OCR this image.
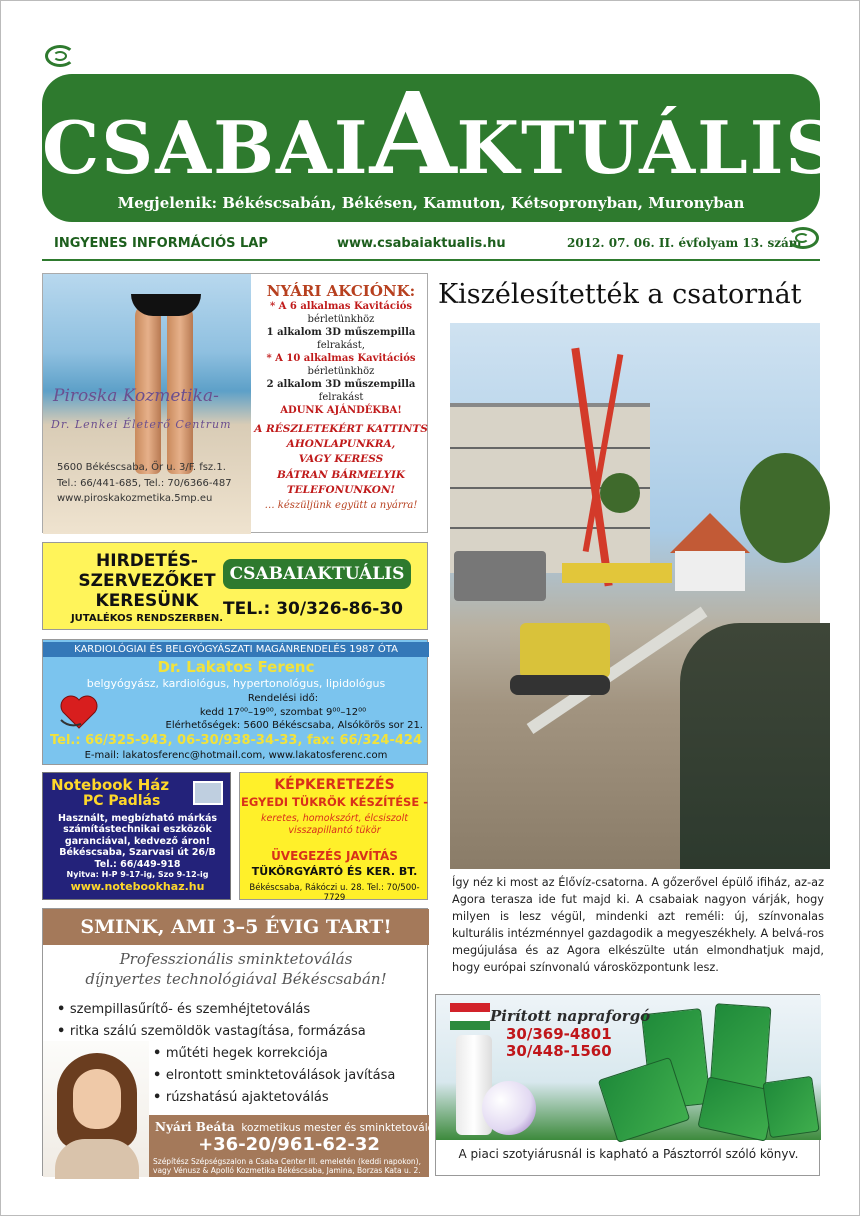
CSABAIAKTUÁLIS
Megjelenik: Békéscsabán, Békésen, Kamuton, Kétsopronyban, Muronyban
INGYENES INFORMÁCIÓS LAP	www.csabaiaktualis.hu	2012. 07. 06. II. évfolyam 13. szám
Piroska Kozmetika-
Dr. Lenkei Életerő Centrum
5600 Békéscsaba, Őr u. 3/F. fsz.1.
Tel.: 66/441-685, Tel.: 70/6366-487
www.piroskakozmetika.5mp.eu
NYÁRI AKCIÓNK:
* A 6 alkalmas Kavitációs
bérletünkhöz
1 alkalom 3D műszempilla
felrakást,
* A 10 alkalmas Kavitációs
bérletünkhöz
2 alkalom 3D műszempilla
felrakást
ADUNK AJÁNDÉKBA!
A RÉSZLETEKÉRT KATTINTS
AHONLAPUNKRA,
VAGY KERESS
BÁTRAN BÁRMELYIK
TELEFONUNKON!
… készüljünk együtt a nyárra!
HIRDETÉS-
SZERVEZŐKET
KERESÜNK
JUTALÉKOS RENDSZERBEN.
CSABAIAKTUÁLIS
TEL.: 30/326-86-30
KARDIOLÓGIAI ÉS BELGYÓGYÁSZATI MAGÁNRENDELÉS 1987 ÓTA
Dr. Lakatos Ferenc
belgyógyász, kardiológus, hypertonológus, lipidológus
Rendelési idő:
kedd 17⁰⁰–19⁰⁰, szombat 9⁰⁰–12⁰⁰
Elérhetőségek: 5600 Békéscsaba, Alsókörös sor 21.
Tel.: 66/325-943, 06-30/938-34-33, fax: 66/324-424
E-mail: lakatosferenc@hotmail.com, www.lakatosferenc.com
Notebook Ház
PC Padlás
Használt, megbízható márkás
számítástechnikai eszközök
garanciával, kedvező áron!
Békéscsaba, Szarvasi út 26/B
Tel.: 66/449-918
Nyitva: H-P 9-17-ig, Szo 9-12-ig
www.notebookhaz.hu
KÉPKERETEZÉS
EGYEDI TÜKRÖK KÉSZÍTÉSE -
keretes, homokszórt, élcsiszolt
visszapillantó tükör
ÜVEGEZÉS JAVÍTÁS
TÜKÖRGYÁRTÓ ÉS KER. BT.
Békéscsaba, Rákóczi u. 28. Tel.: 70/500-7729
SMINK, AMI 3–5 ÉVIG TART!
Professzionális sminktetoválás
díjnyertes technológiával Békéscsabán!
• szempillasűrítő- és szemhéjtetoválás
• ritka szálú szemöldök vastagítása, formázása
• műtéti hegek korrekciója
• elrontott sminktetoválások javítása
• rúzshatású ajaktetoválás
Nyári Beáta kozmetikus mester és sminktetováló
+36-20/961-62-32
Szépítész Szépségszalon a Csaba Center III. emeletén (keddi napokon), vagy Vénusz & Apolló Kozmetika Békéscsaba, Jamina, Borzas Kata u. 2. sz.
Kiszélesítették a csatornát
Így néz ki most az Élővíz-csatorna. A gőzerővel épülő ifiház, az-az Agora terasza ide fut majd ki. A csabaiak nagyon várják, hogy milyen is lesz végül, mindenki azt reméli: új, színvonalas kulturális intézménnyel gazdagodik a megyeszékhely. A belvá-ros megújulása és az Agora elkészülte után elmondhatjuk majd, hogy európai színvonalú városközpontunk lesz.
Pirított napraforgó
30/369-4801
30/448-1560
A piaci szotyiárusnál is kapható a Pásztorról szóló könyv.
